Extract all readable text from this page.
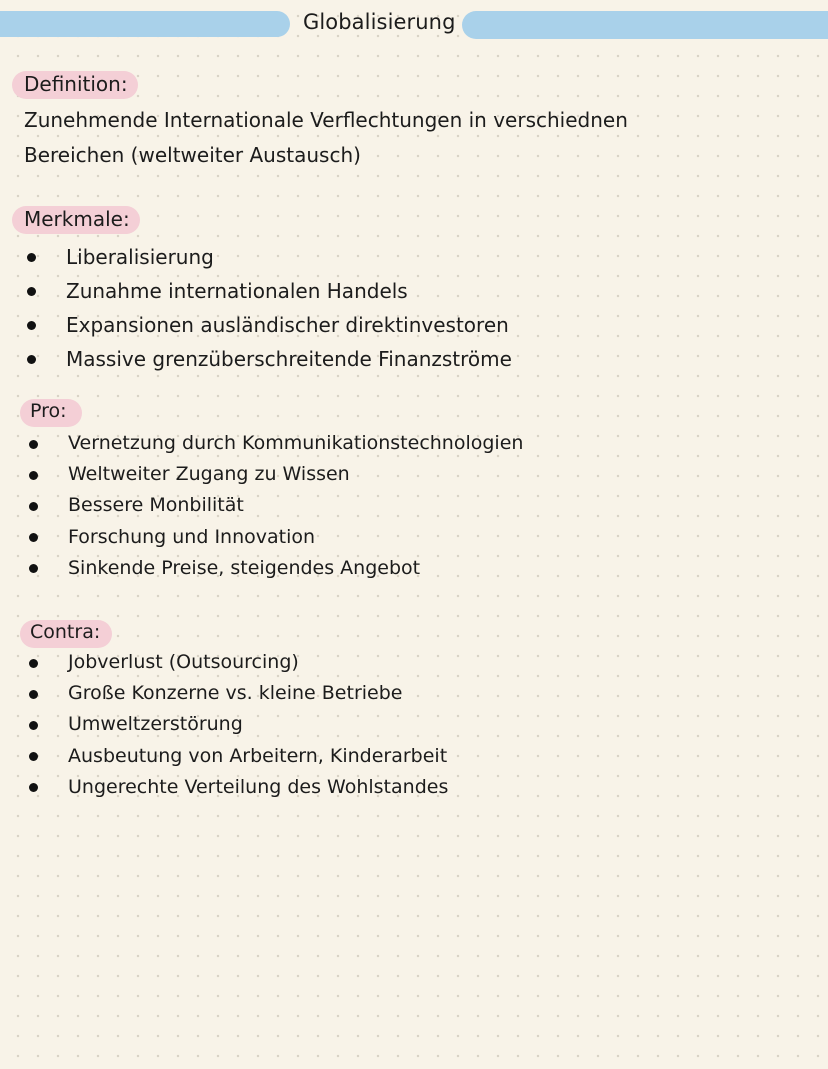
Globalisierung
Definition:
Zunehmende Internationale Verflechtungen in verschiednen
Bereichen (weltweiter Austausch)
Merkmale:
Liberalisierung
Zunahme internationalen Handels
Expansionen ausländischer direktinvestoren
Massive grenzüberschreitende Finanzströme
Pro:
Vernetzung durch Kommunikationstechnologien
Weltweiter Zugang zu Wissen
Bessere Monbilität
Forschung und Innovation
Sinkende Preise, steigendes Angebot
Contra:
Jobverlust (Outsourcing)
Große Konzerne vs. kleine Betriebe
Umweltzerstörung
Ausbeutung von Arbeitern, Kinderarbeit
Ungerechte Verteilung des Wohlstandes
